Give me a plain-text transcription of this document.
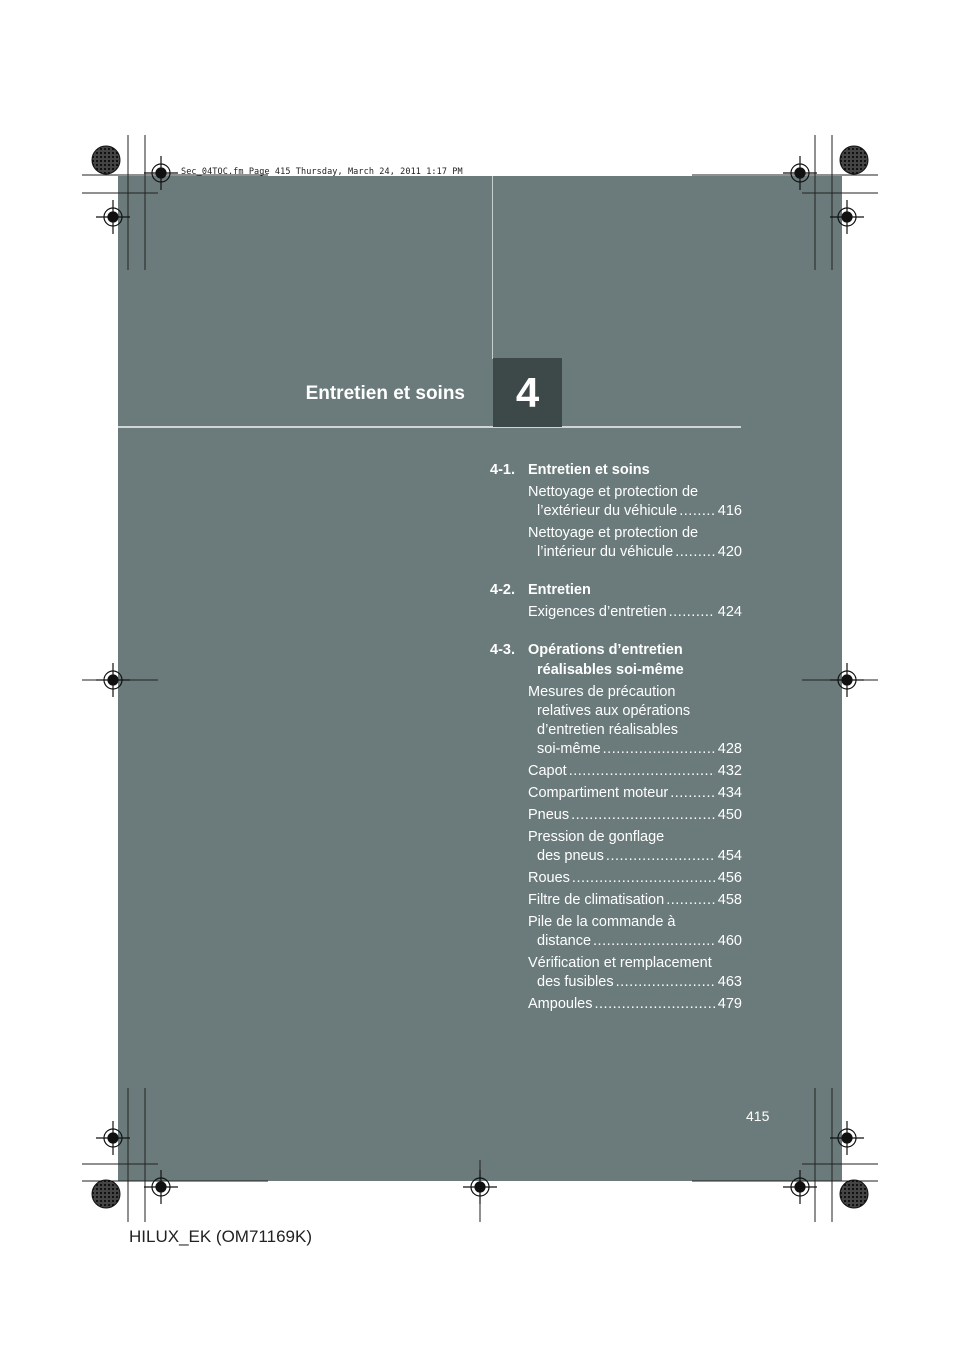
Sec_04TOC.fm Page 415 Thursday, March 24, 2011 1:17 PM
Entretien et soins	4
4-1. Entretien et soins
Nettoyage et protection de
l’extérieur du véhicule .....	416
Nettoyage et protection de
l’intérieur du véhicule .....	420
4-2. Entretien
Exigences d’entretien .....	424
4-3. Opérations d’entretien
réalisables soi-même
Mesures de précaution
relatives aux opérations
d’entretien réalisables
soi-même .....	428
Capot .....	432
Compartiment moteur .....	434
Pneus .....	450
Pression de gonflage
des pneus .....	454
Roues .....	456
Filtre de climatisation .....	458
Pile de la commande à
distance .....	460
Vérification et remplacement
des fusibles .....	463
Ampoules .....	479
415
HILUX_EK (OM71169K)
